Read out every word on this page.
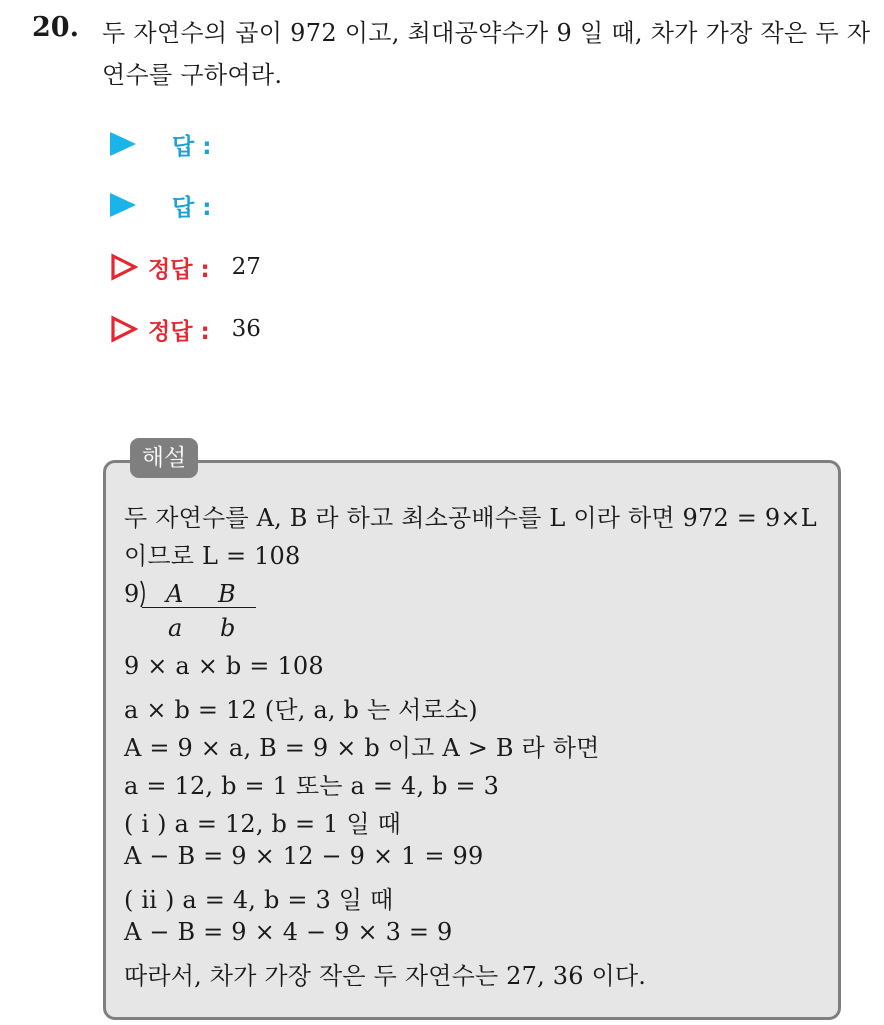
20. 두 자연수의 곱이 972 이고, 최대공약수가 9 일 때, 차가 가장 작은 두 자연수를 구하여라.
답 :
답 :
정답 : 27
정답 : 36
해설
두 자연수를 A, B 라 하고 최소공배수를 L 이라 하면 972 = 9×L
이므로 L = 108
9 A B
a b
9 × a × b = 108
a × b = 12 (단, a, b 는 서로소)
A = 9 × a, B = 9 × b 이고 A > B 라 하면
a = 12, b = 1 또는 a = 4, b = 3
( i ) a = 12, b = 1 일 때
A − B = 9 × 12 − 9 × 1 = 99
( ii ) a = 4, b = 3 일 때
A − B = 9 × 4 − 9 × 3 = 9
따라서, 차가 가장 작은 두 자연수는 27, 36 이다.
